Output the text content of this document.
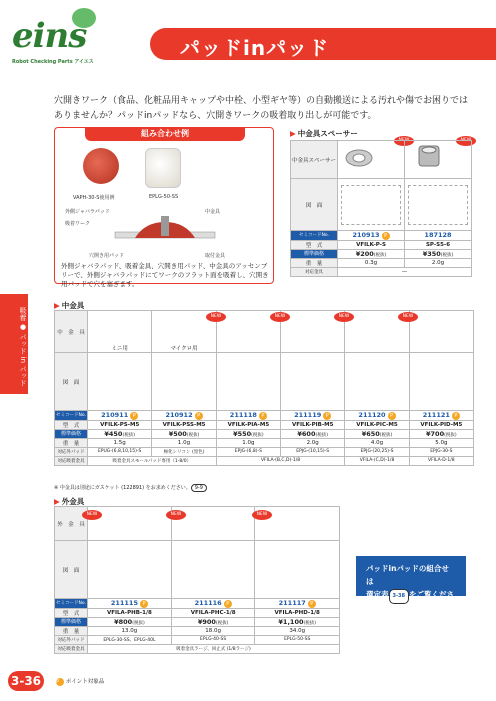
eins
Robot Checking Parts アイエス
パッドinパッド
穴開きワーク（食品、化粧品用キャップや中栓、小型ギヤ等）の自動搬送による汚れや傷でお困りではありませんか？パッドinパッドなら、穴開きワークの吸着取り出しが可能です。
組み合わせ例
VAPH-30-S使用例	EPLG-50-SS
外側ジャバラパッド	中金具
吸着ワーク
穴開き用パッド	取付金具
外側ジャバラパッド、吸着金具、穴開き用パッド、中金具のアッセンブリーで、外側ジャバラパッドにてワークのフラット面を吸着し、穴開き用パッドで穴を塞ぎます。
▶ 中金具スペーサー
NEW	NEW
中金具スペーサー		
図　面	

セミコードNo.	210913 P	187128
型　式	VFILK-P-S	SP-S5-6
標準価格	¥200(税抜)	¥350(税抜)
重　量	0.3g	2.0g
対応金具	—	
吸着 ● パッド in パッド
▶ 中金具
中　金　具	ミニ用	マイクロ用				
図　面						
セミコードNo.	210911 P	210912 P	211118 P	211119 P	211120 P	211121 P
型　式	VFILK-PS-M5	VFILK-PSS-M5	VFILK-PIA-M5	VFILK-PIB-M5	VFILK-PIC-M5	VFILK-PID-M5
標準価格	¥450(税抜)	¥500(税抜)	¥550(税抜)	¥600(税抜)	¥650(税抜)	¥700(税抜)
重　量	1.5g	1.0g	1.0g	2.0g	4.0g	5.0g
対応外パッド	EPUG-(6,8,10,15)-S	極化シリコン (黒色)	EPJG-(6,8)-S	EPJG-(10,15)-S	EPJG-(20,25)-S	EPJG-30-S
対応吸着金具	吸着金具スモールパッド専用（1-8/0）		VFILA-(B,C,D)-1/8		VFILA-(C,D)-1/8	VFILA-D-1/8
NEW	NEW	NEW	NEW
※ 中金具は別途にガスケット (122891) をお求めください。 9-9
▶ 外金具
外　金　具			
図　面			
セミコードNo.	211115 P	211116 P	211117 P
型　式	VFILA-PHB-1/8	VFILA-PHC-1/8	VFILA-PHD-1/8
標準価格	¥800(税抜)	¥900(税抜)	¥1,100(税抜)
重　量	13.0g	18.0g	34.0g
対応外パッド	EPLG-30-SS、EPLG-40L	EPLG-40-SS	EPLG-50-SS
対応吸着金具	吸着金具ラージ、回止式 (1/8ラージ)		
NEW	NEW	NEW
パッドinパッドの組合せは
選定表 3-38 をご覧ください。
3-36	P ポイント対象品
